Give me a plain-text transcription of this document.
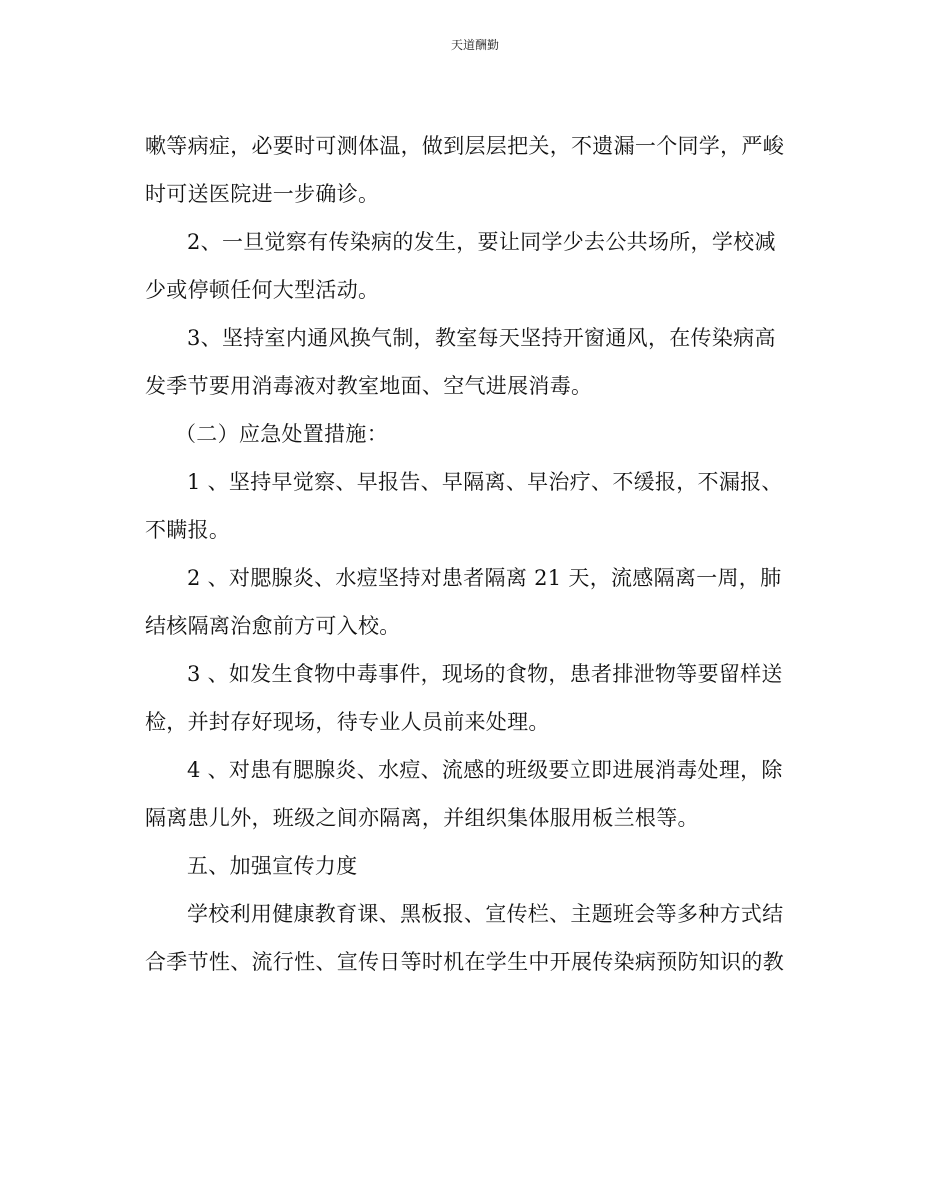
天道酬勤
嗽等病症，必要时可测体温，做到层层把关，不遗漏一个同学，严峻
时可送医院进一步确诊。
2、一旦觉察有传染病的发生，要让同学少去公共场所，学校减
少或停顿任何大型活动。
3、坚持室内通风换气制，教室每天坚持开窗通风，在传染病高
发季节要用消毒液对教室地面、空气进展消毒。
（二）应急处置措施：
1 、坚持早觉察、早报告、早隔离、早治疗、不缓报，不漏报、
不瞒报。
2 、对腮腺炎、水痘坚持对患者隔离 21 天，流感隔离一周，肺
结核隔离治愈前方可入校。
3 、如发生食物中毒事件，现场的食物，患者排泄物等要留样送
检，并封存好现场，待专业人员前来处理。
4 、对患有腮腺炎、水痘、流感的班级要立即进展消毒处理，除
隔离患儿外，班级之间亦隔离，并组织集体服用板兰根等。
五、加强宣传力度
学校利用健康教育课、黑板报、宣传栏、主题班会等多种方式结
合季节性、流行性、宣传日等时机在学生中开展传染病预防知识的教
